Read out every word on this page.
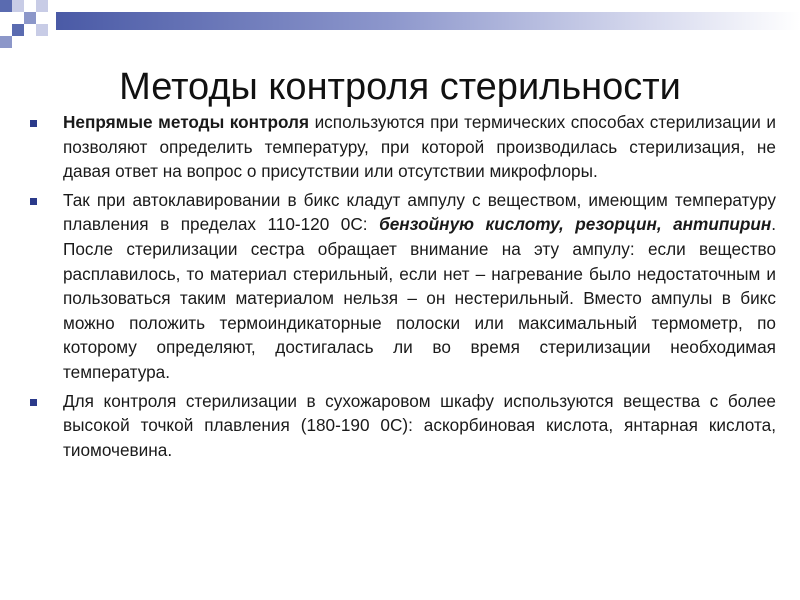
Методы контроля стерильности
Непрямые методы контроля используются при термических способах стерилизации и позволяют определить температуру, при которой производилась стерилизация, не давая ответ на вопрос о присутствии или отсутствии микрофлоры.
Так при автоклавировании в бикс кладут ампулу с веществом, имеющим температуру плавления в пределах 110-120 0С: бензойную кислоту, резорцин, антипирин. После стерилизации сестра обращает внимание на эту ампулу: если вещество расплавилось, то материал стерильный, если нет – нагревание было недостаточным и пользоваться таким материалом нельзя – он нестерильный. Вместо ампулы в бикс можно положить термоиндикаторные полоски или максимальный термометр, по которому определяют, достигалась ли во время стерилизации необходимая температура.
Для контроля стерилизации в сухожаровом шкафу используются вещества с более высокой точкой плавления (180-190 0С): аскорбиновая кислота, янтарная кислота, тиомочевина.
